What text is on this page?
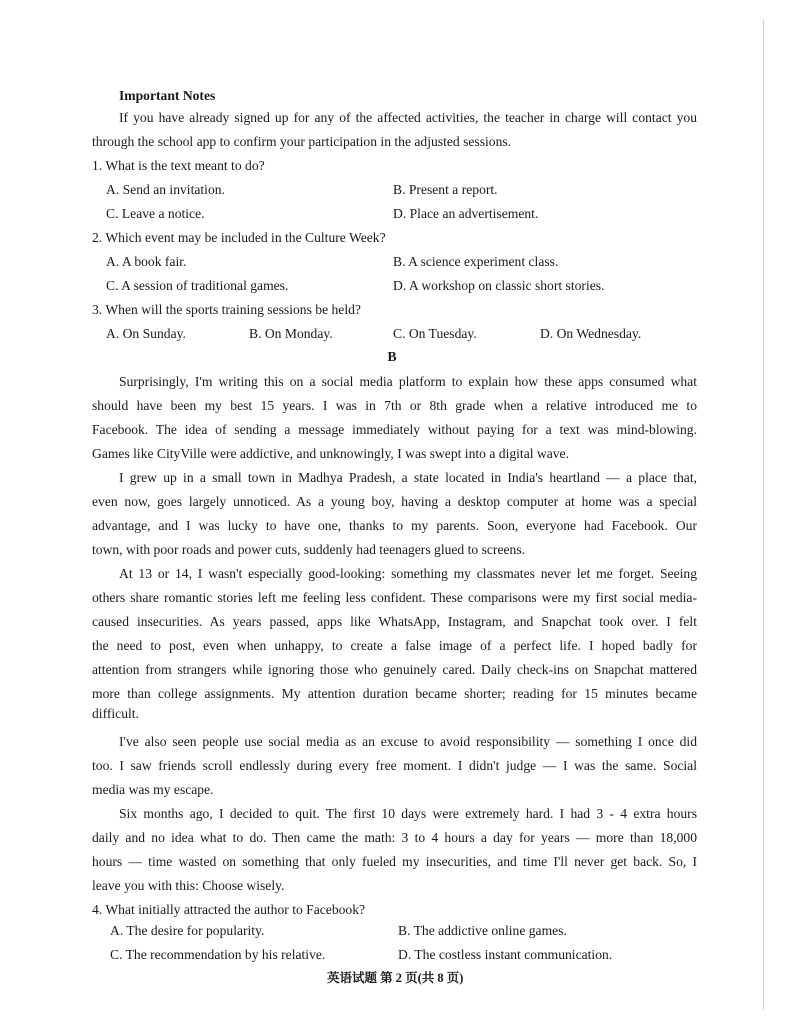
Important Notes
If you have already signed up for any of the affected activities, the teacher in charge will contact you
through the school app to confirm your participation in the adjusted sessions.
1. What is the text meant to do?
A. Send an invitation.	B. Present a report.
C. Leave a notice.	D. Place an advertisement.
2. Which event may be included in the Culture Week?
A. A book fair.	B. A science experiment class.
C. A session of traditional games.	D. A workshop on classic short stories.
3. When will the sports training sessions be held?
A. On Sunday.	B. On Monday.	C. On Tuesday.	D. On Wednesday.
B
Surprisingly, I'm writing this on a social media platform to explain how these apps consumed what
should have been my best 15 years. I was in 7th or 8th grade when a relative introduced me to
Facebook. The idea of sending a message immediately without paying for a text was mind-blowing.
Games like CityVille were addictive, and unknowingly, I was swept into a digital wave.
I grew up in a small town in Madhya Pradesh, a state located in India's heartland — a place that,
even now, goes largely unnoticed. As a young boy, having a desktop computer at home was a special
advantage, and I was lucky to have one, thanks to my parents. Soon, everyone had Facebook. Our
town, with poor roads and power cuts, suddenly had teenagers glued to screens.
At 13 or 14, I wasn't especially good-looking: something my classmates never let me forget. Seeing
others share romantic stories left me feeling less confident. These comparisons were my first social media-
caused insecurities. As years passed, apps like WhatsApp, Instagram, and Snapchat took over. I felt
the need to post, even when unhappy, to create a false image of a perfect life. I hoped badly for
attention from strangers while ignoring those who genuinely cared. Daily check-ins on Snapchat mattered
more than college assignments. My attention duration became shorter; reading for 15 minutes became
difficult.
I've also seen people use social media as an excuse to avoid responsibility — something I once did
too. I saw friends scroll endlessly during every free moment. I didn't judge — I was the same. Social
media was my escape.
Six months ago, I decided to quit. The first 10 days were extremely hard. I had 3 - 4 extra hours
daily and no idea what to do. Then came the math: 3 to 4 hours a day for years — more than 18,000
hours — time wasted on something that only fueled my insecurities, and time I'll never get back. So, I
leave you with this: Choose wisely.
4. What initially attracted the author to Facebook?
A. The desire for popularity.	B. The addictive online games.
C. The recommendation by his relative.	D. The costless instant communication.
英语试题 第 2 页(共 8 页)
